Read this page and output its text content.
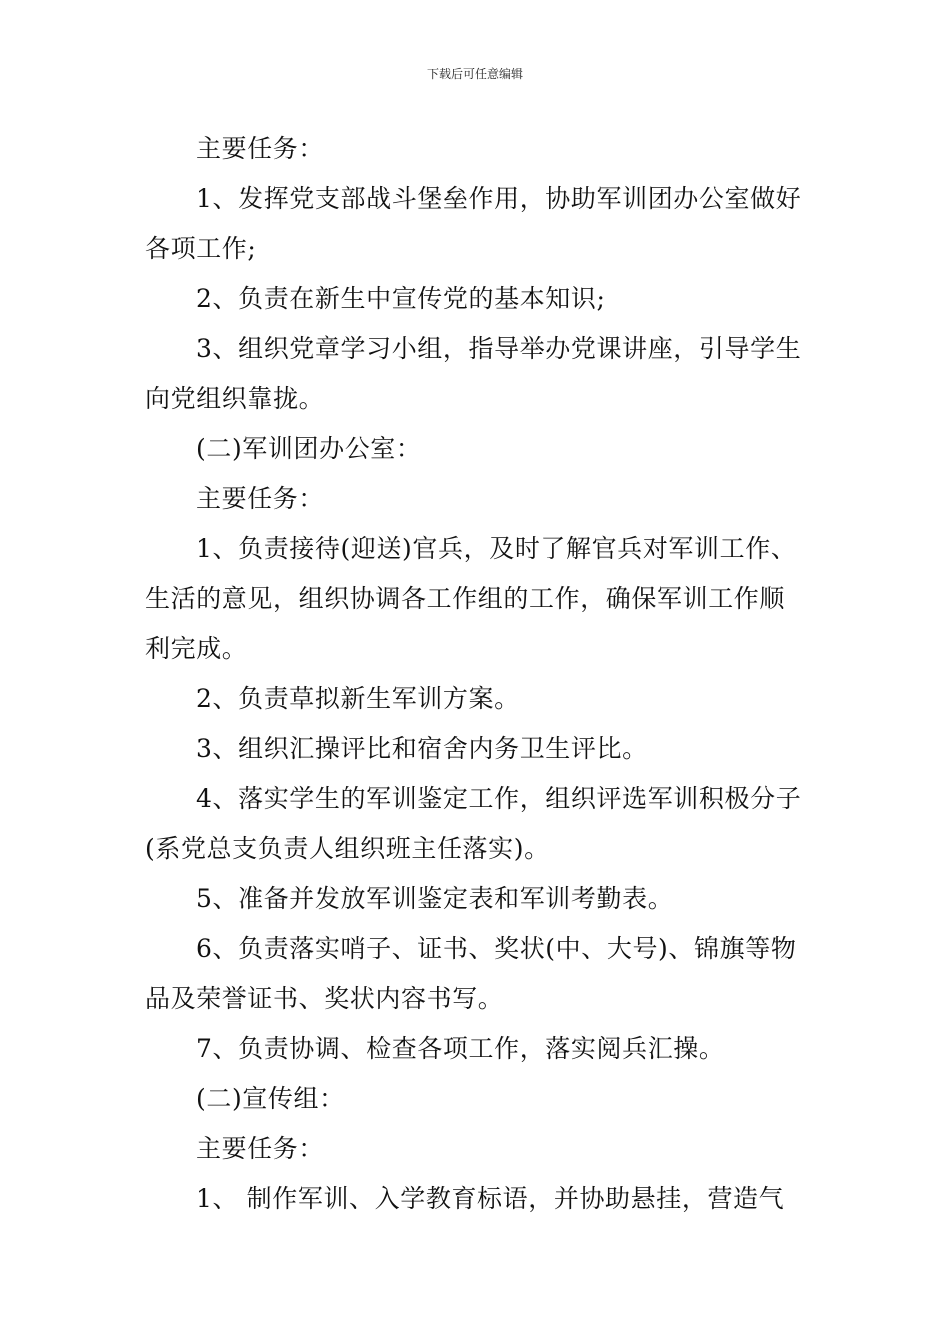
下载后可任意编辑

主要任务：

1、发挥党支部战斗堡垒作用，协助军训团办公室做好各项工作;

2、负责在新生中宣传党的基本知识;

3、组织党章学习小组，指导举办党课讲座，引导学生向党组织靠拢。

(二)军训团办公室：

主要任务：

1、负责接待(迎送)官兵，及时了解官兵对军训工作、生活的意见，组织协调各工作组的工作，确保军训工作顺利完成。

2、负责草拟新生军训方案。

3、组织汇操评比和宿舍内务卫生评比。

4、落实学生的军训鉴定工作，组织评选军训积极分子(系党总支负责人组织班主任落实)。

5、准备并发放军训鉴定表和军训考勤表。

6、负责落实哨子、证书、奖状(中、大号)、锦旗等物品及荣誉证书、奖状内容书写。

7、负责协调、检查各项工作，落实阅兵汇操。

(二)宣传组：

主要任务：

1、 制作军训、入学教育标语，并协助悬挂，营造气
